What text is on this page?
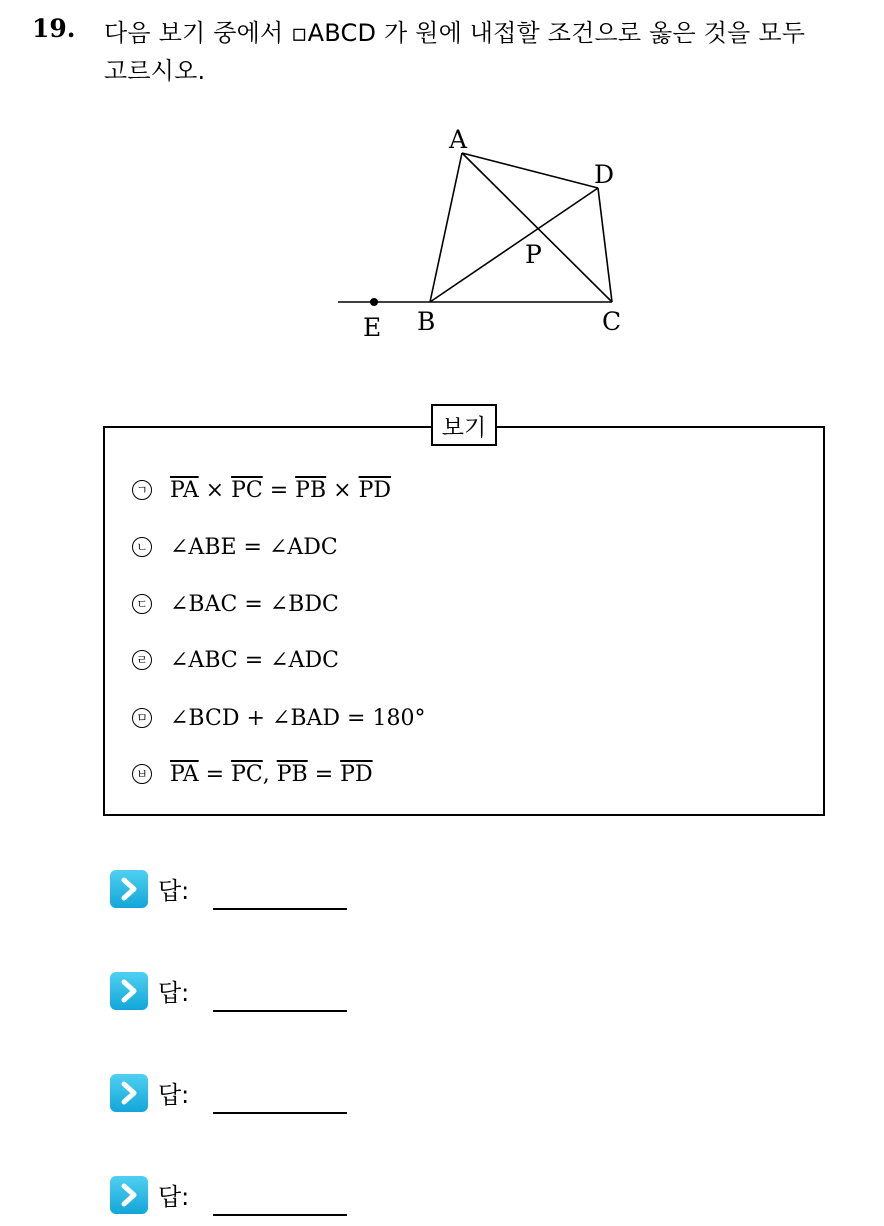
19. 다음 보기 중에서 ▫ABCD 가 원에 내접할 조건으로 옳은 것을 모두
고르시오.
A
D
P
E B	C
보기
ㄱ $\overline{PA} \times \overline{PC} = \overline{PB} \times \overline{PD}$
ㄴ ∠ABE = ∠ADC
ㄷ ∠BAC = ∠BDC
ㄹ ∠ABC = ∠ADC
ㅁ ∠BCD + ∠BAD = 180°
ㅂ $\overline{PA} = \overline{PC}$ , $\overline{PB} = \overline{PD}$
답:
답:
답:
답:
